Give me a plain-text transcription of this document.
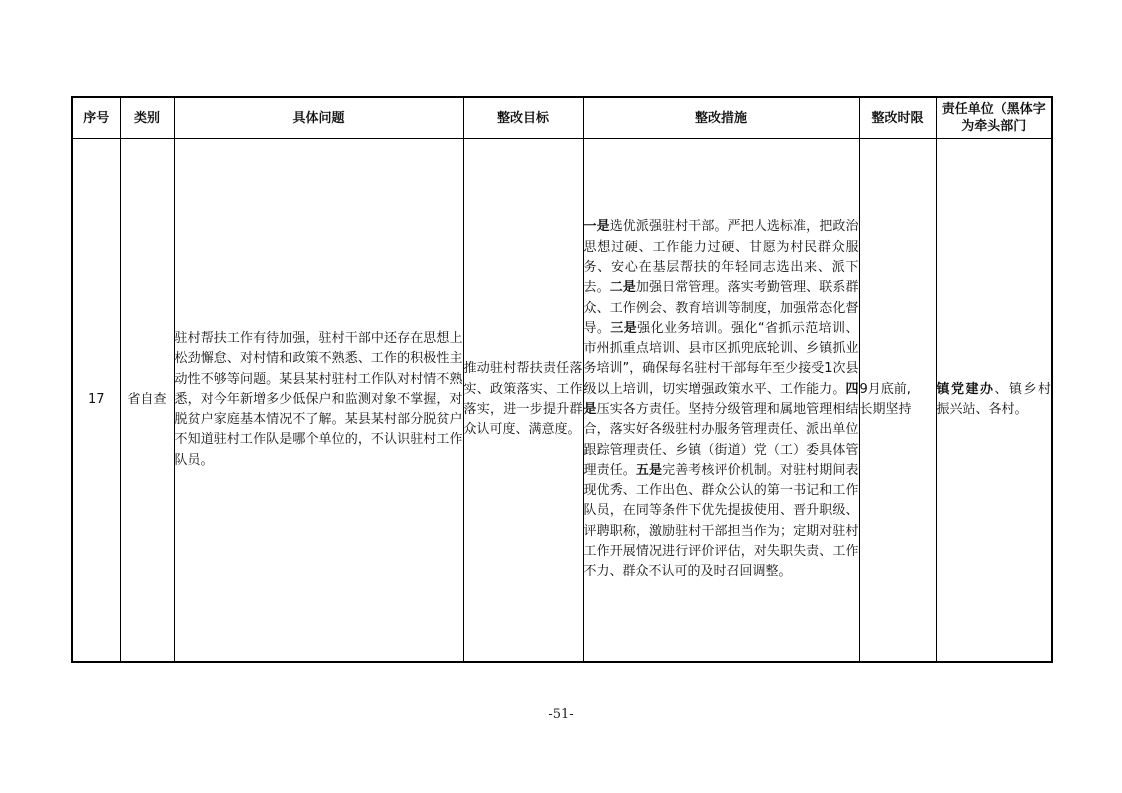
序号	类别	具体问题	整改目标	整改措施	整改时限	责任单位（黑体字
为牵头部门

17	省自查	驻村帮扶工作有待加强，驻村干部中还存在思想上松劲懈怠、对村情和政策不熟悉、工作的积极性主动性不够等问题。某县某村驻村工作队对村情不熟悉，对今年新增多少低保户和监测对象不掌握，对脱贫户家庭基本情况不了解。某县某村部分脱贫户不知道驻村工作队是哪个单位的，不认识驻村工作队员。	推动驻村帮扶责任落实、政策落实、工作落实，进一步提升群众认可度、满意度。	一是选优派强驻村干部。严把人选标准，把政治思想过硬、工作能力过硬、甘愿为村民群众服务、安心在基层帮扶的年轻同志选出来、派下去。二是加强日常管理。落实考勤管理、联系群众、工作例会、教育培训等制度，加强常态化督导。三是强化业务培训。强化“省抓示范培训、市州抓重点培训、县市区抓兜底轮训、乡镇抓业务培训”，确保每名驻村干部每年至少接受1次县级以上培训，切实增强政策水平、工作能力。四是压实各方责任。坚持分级管理和属地管理相结合，落实好各级驻村办服务管理责任、派出单位跟踪管理责任、乡镇（街道）党（工）委具体管理责任。五是完善考核评价机制。对驻村期间表现优秀、工作出色、群众公认的第一书记和工作队员，在同等条件下优先提拔使用、晋升职级、评聘职称，激励驻村干部担当作为；定期对驻村工作开展情况进行评价评估，对失职失责、工作不力、群众不认可的及时召回调整。	9月底前,
长期坚持	镇党建办、镇乡村振兴站、各村。
-51-
